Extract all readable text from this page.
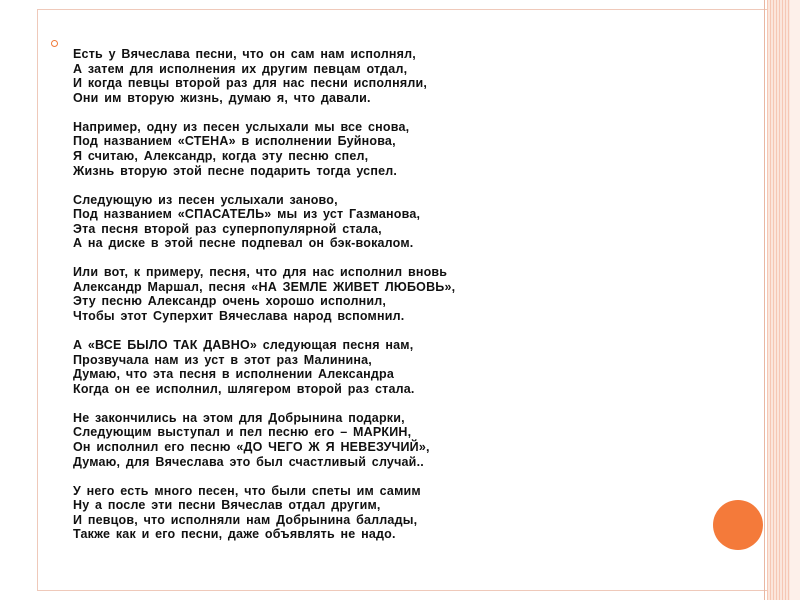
Есть у Вячеслава песни, что он сам нам исполнял,
А затем для исполнения их другим певцам отдал,
И когда певцы второй раз для нас песни исполняли,
Они им вторую жизнь, думаю я, что давали.
Например, одну из песен услыхали мы все снова,
Под названием «СТЕНА» в исполнении Буйнова,
Я считаю, Александр, когда эту песню спел,
Жизнь вторую этой песне подарить тогда успел.
Следующую из песен услыхали заново,
Под названием «СПАСАТЕЛЬ» мы из уст Газманова,
Эта песня второй раз суперпопулярной стала,
А на диске в этой песне подпевал он бэк-вокалом.
Или вот, к примеру, песня, что для нас исполнил вновь
Александр Маршал, песня «НА ЗЕМЛЕ ЖИВЕТ ЛЮБОВЬ»,
Эту песню Александр очень хорошо исполнил,
Чтобы этот Суперхит Вячеслава народ вспомнил.
А «ВСЕ БЫЛО ТАК ДАВНО» следующая песня нам,
Прозвучала нам из уст в этот раз Малинина,
Думаю, что эта песня в исполнении Александра
Когда он ее исполнил, шлягером второй раз стала.
Не закончились на этом для Добрынина подарки,
Следующим выступал и пел песню его – МАРКИН,
Он исполнил его песню «ДО ЧЕГО Ж Я НЕВЕЗУЧИЙ»,
Думаю, для Вячеслава это был счастливый случай..
У него есть много песен, что были спеты им самим
Ну а после эти песни Вячеслав отдал другим,
И певцов, что исполняли нам Добрынина баллады,
Также как и его песни, даже объявлять не надо.
